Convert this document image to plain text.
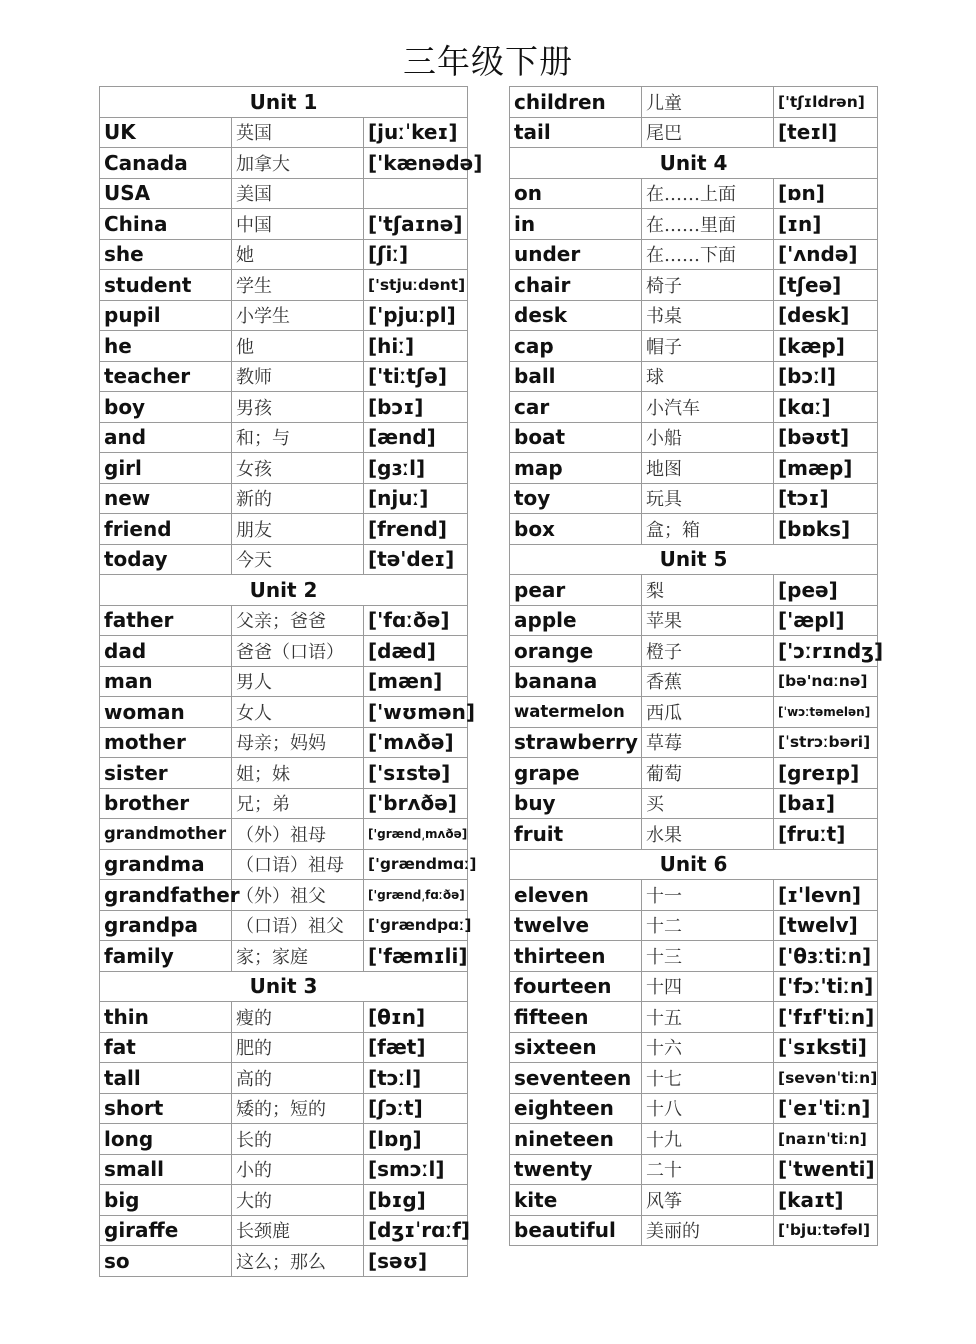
三年级下册
Unit 1		
UK	英国	[juːˈkeɪ]
Canada	加拿大	['kænədə]
USA	美国	
China	中国	['tʃaɪnə]
she	她	[ʃiː]
student	学生	['stjuːdənt]
pupil	小学生	['pjuːpl]
he	他	[hiː]
teacher	教师	['tiːtʃə]
boy	男孩	[bɔɪ]
and	和；与	[ænd]
girl	女孩	[gɜːl]
new	新的	[njuː]
friend	朋友	[frend]
today	今天	[tə'deɪ]
Unit 2		
father	父亲；爸爸	['fɑːðə]
dad	爸爸（口语）	[dæd]
man	男人	[mæn]
woman	女人	['wʊmən]
mother	母亲；妈妈	['mʌðə]
sister	姐；妹	['sɪstə]
brother	兄；弟	['brʌðə]
grandmother	（外）祖母	['grænd͵mʌðə]
grandma	（口语）祖母	['grændmɑː]
grandfather	（外）祖父	['grænd͵fɑːðə]
grandpa	（口语）祖父	['grændpɑː]
family	家；家庭	['fæmɪli]
Unit 3		
thin	瘦的	[θɪn]
fat	肥的	[fæt]
tall	高的	[tɔːl]
short	矮的；短的	[ʃɔːt]
long	长的	[lɒŋ]
small	小的	[smɔːl]
big	大的	[bɪg]
giraffe	长颈鹿	[dʒɪˈrɑːf]
so	这么；那么	[səʊ]
children	儿童	['tʃɪldrən]
tail	尾巴	[teɪl]
Unit 4		
on	在……上面	[ɒn]
in	在……里面	[ɪn]
under	在……下面	['ʌndə]
chair	椅子	[tʃeə]
desk	书桌	[desk]
cap	帽子	[kæp]
ball	球	[bɔːl]
car	小汽车	[kɑː]
boat	小船	[bəʊt]
map	地图	[mæp]
toy	玩具	[tɔɪ]
box	盒；箱	[bɒks]
Unit 5		
pear	梨	[peə]
apple	苹果	['æpl]
orange	橙子	['ɔːrɪndʒ]
banana	香蕉	[bə'nɑːnə]
watermelon	西瓜	[ˈwɔːtəmelən]
strawberry	草莓	[ˈstrɔːbəri]
grape	葡萄	[greɪp]
buy	买	[baɪ]
fruit	水果	[fruːt]
Unit 6		
eleven	十一	[ɪ'levn]
twelve	十二	[twelv]
thirteen	十三	['θɜːtiːn]
fourteen	十四	['fɔː'tiːn]
fifteen	十五	['fɪf'tiːn]
sixteen	十六	[ˈsɪksti]
seventeen	十七	[sevənˈtiːn]
eighteen	十八	[ˈeɪˈtiːn]
nineteen	十九	[naɪnˈtiːn]
twenty	二十	[ˈtwenti]
kite	风筝	[kaɪt]
beautiful	美丽的	['bjuːtəfəl]
